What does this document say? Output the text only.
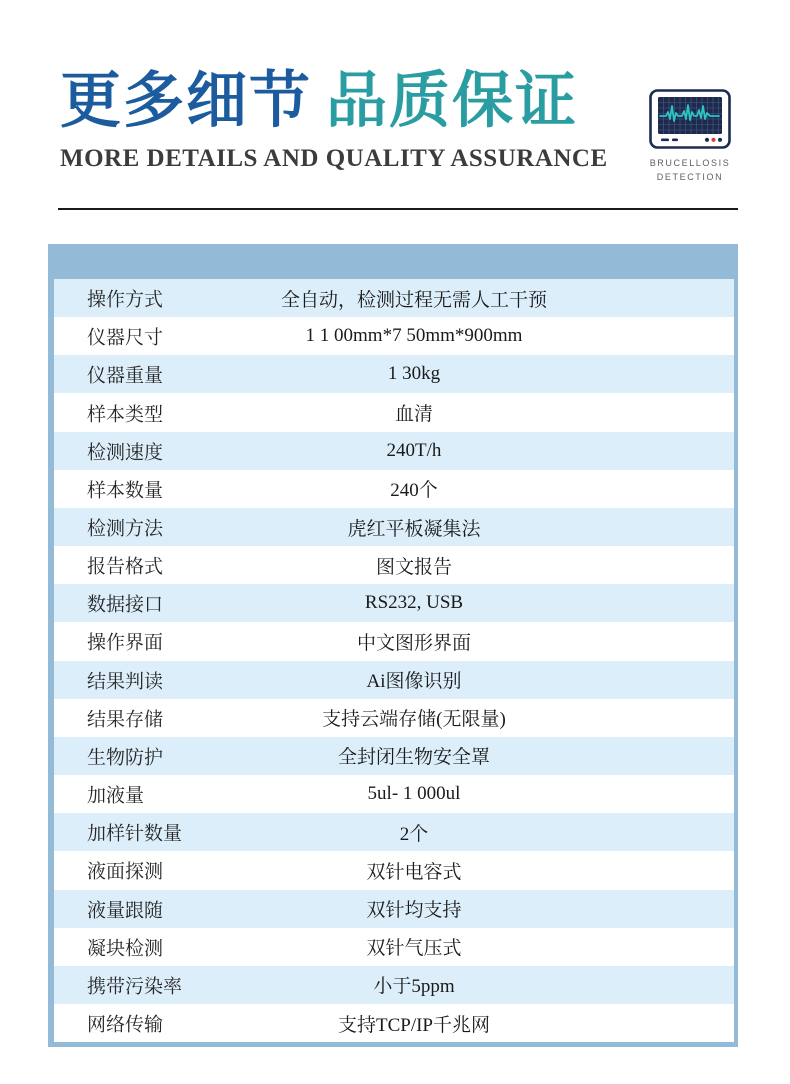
更多细节 品质保证
MORE DETAILS AND QUALITY ASSURANCE	BRUCELLOSIS
DETECTION
操作方式	全自动，检测过程无需人工干预
仪器尺寸	1 1 00mm*7 50mm*900mm
仪器重量	1 30kg
样本类型	血清
检测速度	240T/h
样本数量	240个
检测方法	虎红平板凝集法
报告格式	图文报告
数据接口	RS232, USB
操作界面	中文图形界面
结果判读	Ai图像识别
结果存储	支持云端存储(无限量)
生物防护	全封闭生物安全罩
加液量	5ul- 1 000ul
加样针数量	2个
液面探测	双针电容式
液量跟随	双针均支持
凝块检测	双针气压式
携带污染率	小于5ppm
网络传输	支持TCP/IP千兆网
